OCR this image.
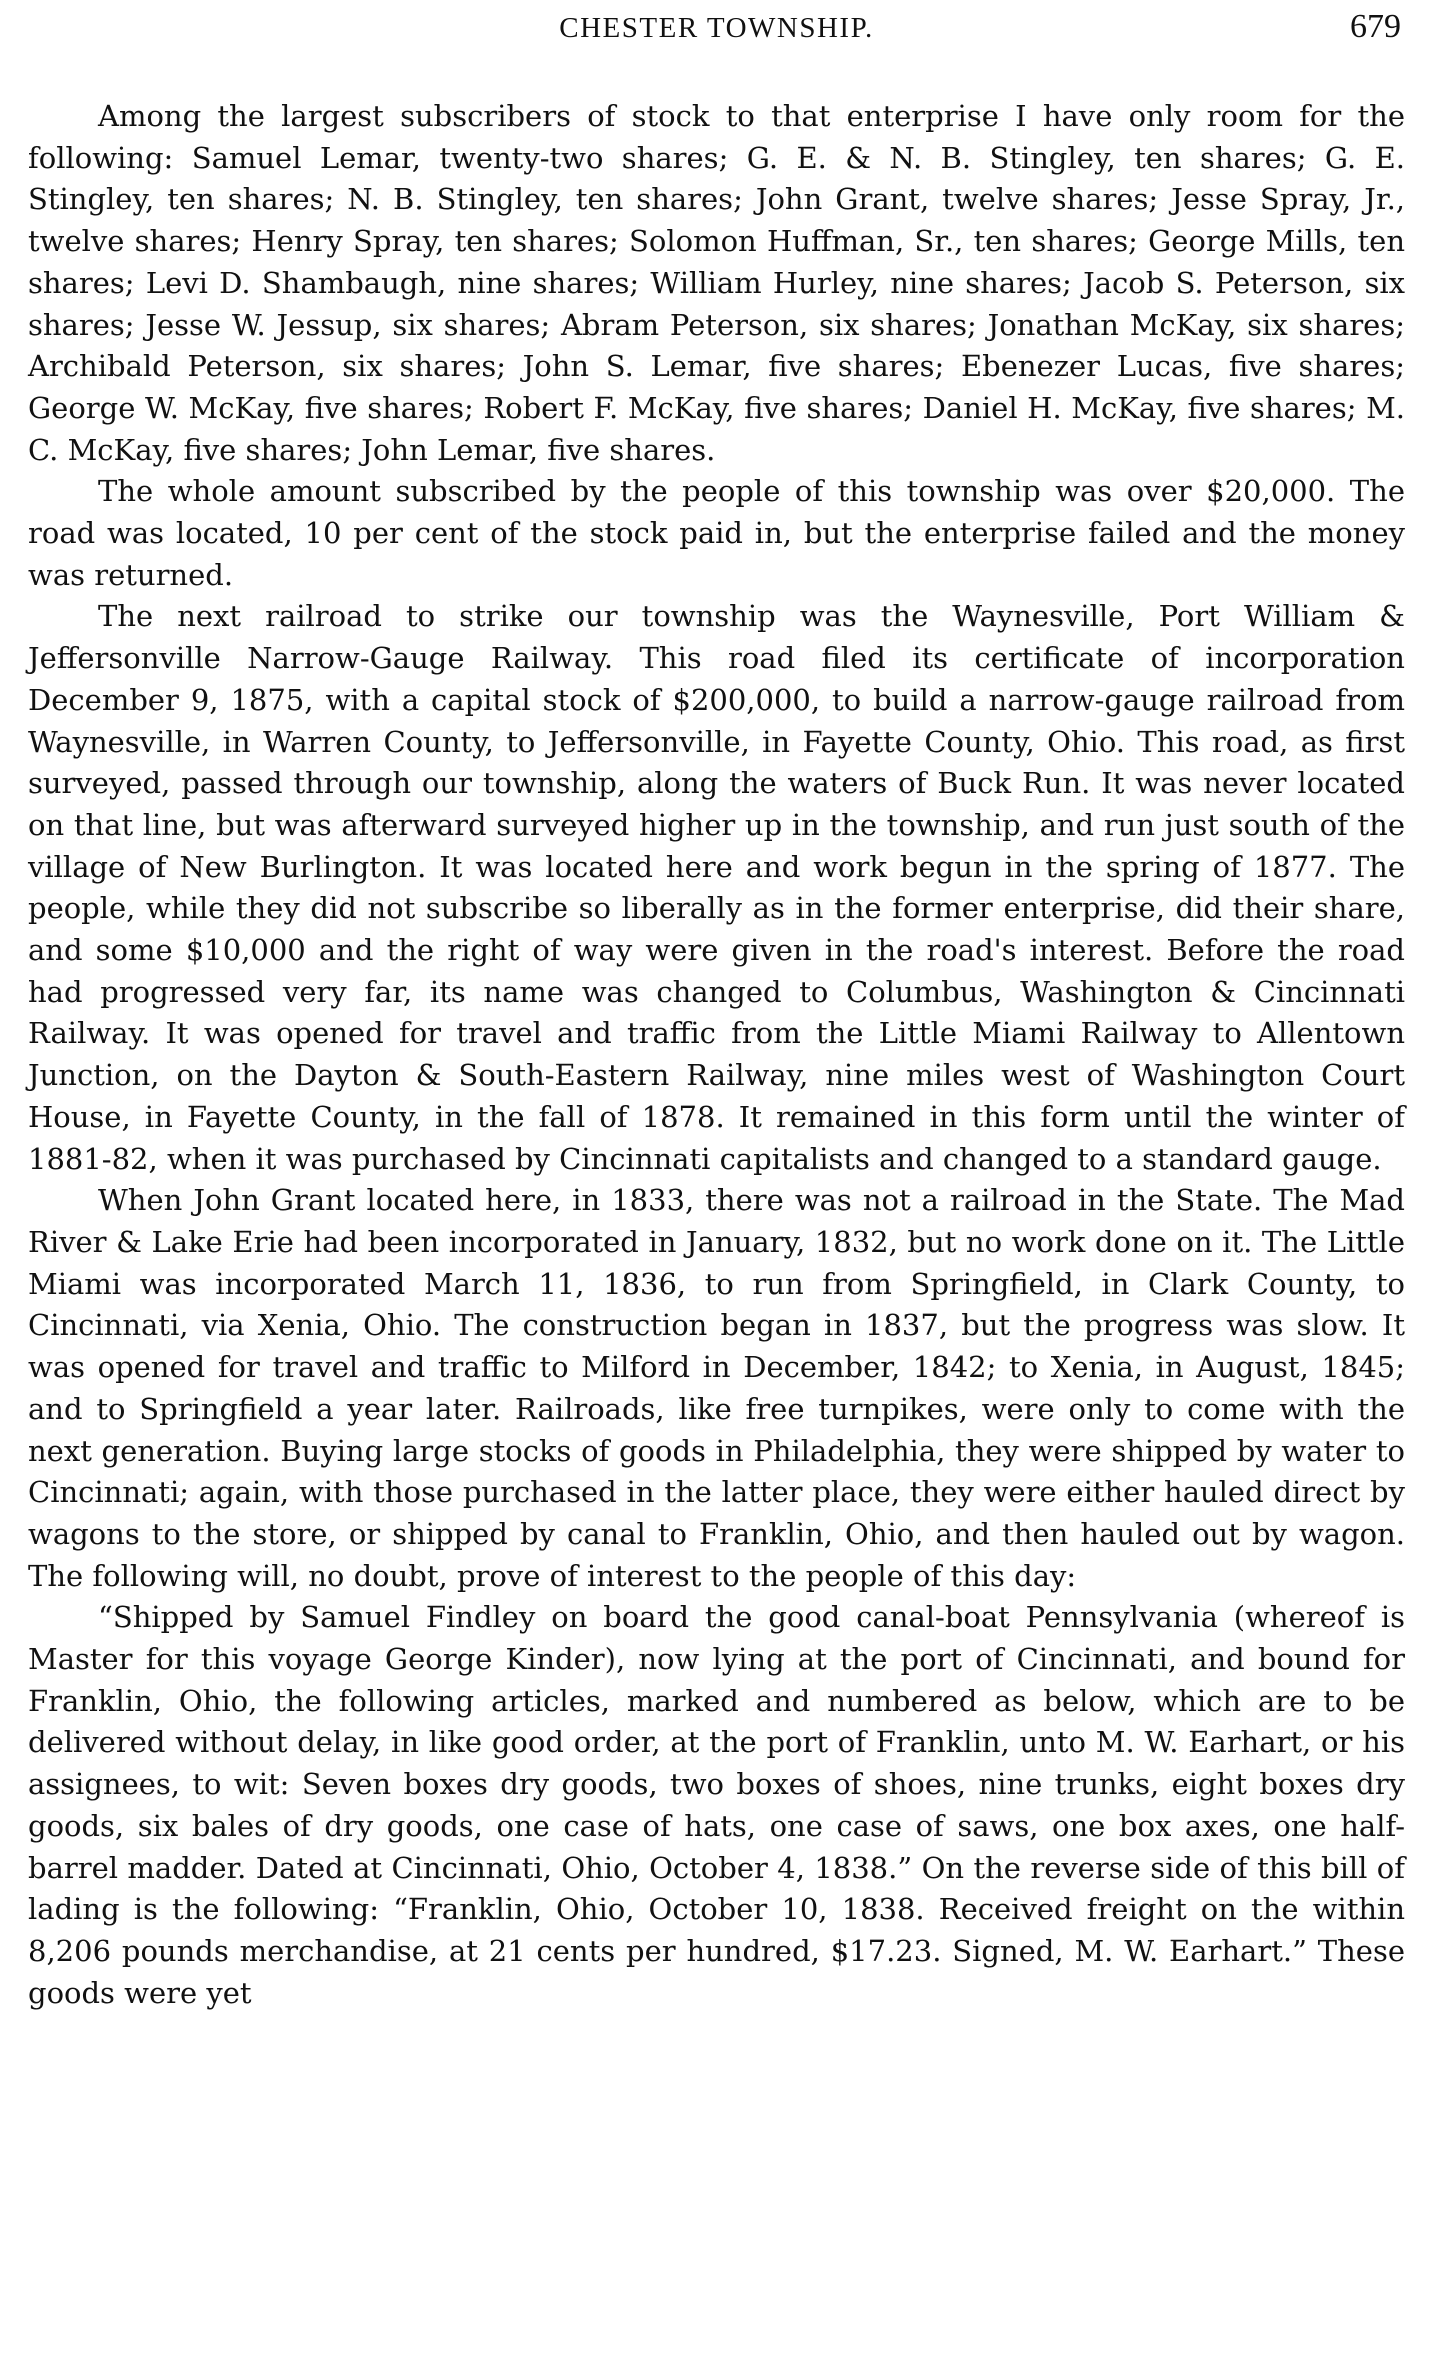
CHESTER TOWNSHIP.	679

Among the largest subscribers of stock to that enterprise I have only room for the following: Samuel Lemar, twenty-two shares; G. E. & N. B. Stingley, ten shares; G. E. Stingley, ten shares; N. B. Stingley, ten shares; John Grant, twelve shares; Jesse Spray, Jr., twelve shares; Henry Spray, ten shares; Solomon Huffman, Sr., ten shares; George Mills, ten shares; Levi D. Shambaugh, nine shares; William Hurley, nine shares; Jacob S. Peterson, six shares; Jesse W. Jessup, six shares; Abram Peterson, six shares; Jonathan McKay, six shares; Archibald Peterson, six shares; John S. Lemar, five shares; Ebenezer Lucas, five shares; George W. McKay, five shares; Robert F. McKay, five shares; Daniel H. McKay, five shares; M. C. McKay, five shares; John Lemar, five shares.

The whole amount subscribed by the people of this township was over $20,000. The road was located, 10 per cent of the stock paid in, but the enterprise failed and the money was returned.

The next railroad to strike our township was the Waynesville, Port William & Jeffersonville Narrow-Gauge Railway. This road filed its certificate of incorporation December 9, 1875, with a capital stock of $200,000, to build a narrow-gauge railroad from Waynesville, in Warren County, to Jeffersonville, in Fayette County, Ohio. This road, as first surveyed, passed through our township, along the waters of Buck Run. It was never located on that line, but was afterward surveyed higher up in the township, and run just south of the village of New Burlington. It was located here and work begun in the spring of 1877. The people, while they did not subscribe so liberally as in the former enterprise, did their share, and some $10,000 and the right of way were given in the road's interest. Before the road had progressed very far, its name was changed to Columbus, Washington & Cincinnati Railway. It was opened for travel and traffic from the Little Miami Railway to Allentown Junction, on the Dayton & South-Eastern Railway, nine miles west of Washington Court House, in Fayette County, in the fall of 1878. It remained in this form until the winter of 1881-82, when it was purchased by Cincinnati capitalists and changed to a standard gauge.

When John Grant located here, in 1833, there was not a railroad in the State. The Mad River & Lake Erie had been incorporated in January, 1832, but no work done on it. The Little Miami was incorporated March 11, 1836, to run from Springfield, in Clark County, to Cincinnati, via Xenia, Ohio. The construction began in 1837, but the progress was slow. It was opened for travel and traffic to Milford in December, 1842; to Xenia, in August, 1845; and to Springfield a year later. Railroads, like free turnpikes, were only to come with the next generation. Buying large stocks of goods in Philadelphia, they were shipped by water to Cincinnati; again, with those purchased in the latter place, they were either hauled direct by wagons to the store, or shipped by canal to Franklin, Ohio, and then hauled out by wagon. The following will, no doubt, prove of interest to the people of this day:

“Shipped by Samuel Findley on board the good canal-boat Pennsylvania (whereof is Master for this voyage George Kinder), now lying at the port of Cincinnati, and bound for Franklin, Ohio, the following articles, marked and numbered as below, which are to be delivered without delay, in like good order, at the port of Franklin, unto M. W. Earhart, or his assignees, to wit: Seven boxes dry goods, two boxes of shoes, nine trunks, eight boxes dry goods, six bales of dry goods, one case of hats, one case of saws, one box axes, one half-barrel madder. Dated at Cincinnati, Ohio, October 4, 1838.” On the reverse side of this bill of lading is the following: “Franklin, Ohio, October 10, 1838. Received freight on the within 8,206 pounds merchandise, at 21 cents per hundred, $17.23. Signed, M. W. Earhart.” These goods were yet
